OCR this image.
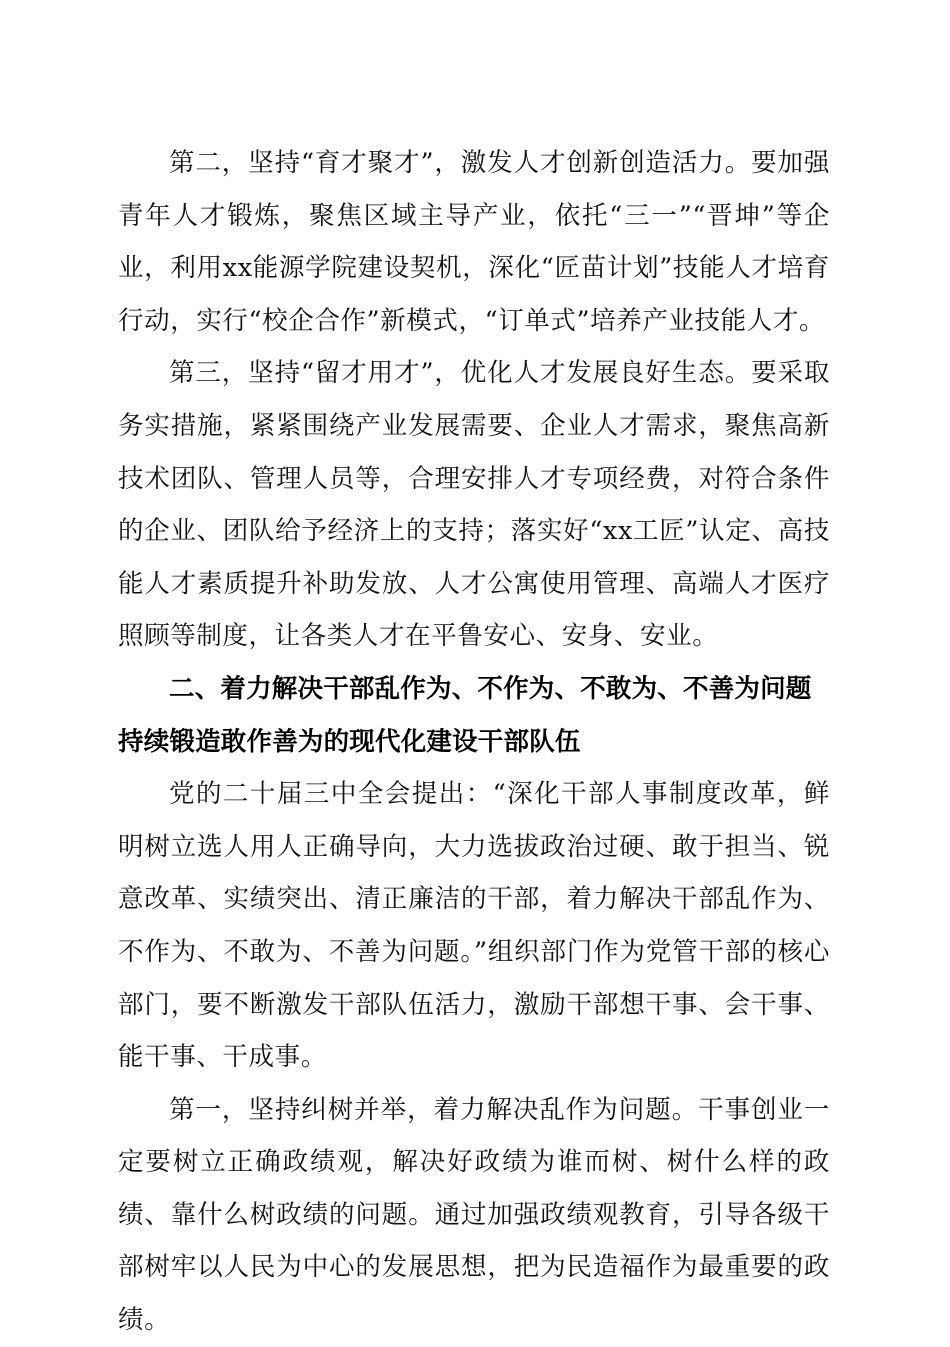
第二，坚持“育才聚才”，激发人才创新创造活力。要加强青年人才锻炼，聚焦区域主导产业，依托“三一”“晋坤”等企业，利用xx能源学院建设契机，深化“匠苗计划”技能人才培育行动，实行“校企合作”新模式，“订单式”培养产业技能人才。

第三，坚持“留才用才”，优化人才发展良好生态。要采取务实措施，紧紧围绕产业发展需要、企业人才需求，聚焦高新技术团队、管理人员等，合理安排人才专项经费，对符合条件的企业、团队给予经济上的支持；落实好“xx工匠”认定、高技能人才素质提升补助发放、人才公寓使用管理、高端人才医疗照顾等制度，让各类人才在平鲁安心、安身、安业。

二、着力解决干部乱作为、不作为、不敢为、不善为问题持续锻造敢作善为的现代化建设干部队伍

党的二十届三中全会提出：“深化干部人事制度改革，鲜明树立选人用人正确导向，大力选拔政治过硬、敢于担当、锐意改革、实绩突出、清正廉洁的干部，着力解决干部乱作为、不作为、不敢为、不善为问题。”组织部门作为党管干部的核心部门，要不断激发干部队伍活力，激励干部想干事、会干事、能干事、干成事。

第一，坚持纠树并举，着力解决乱作为问题。干事创业一定要树立正确政绩观，解决好政绩为谁而树、树什么样的政绩、靠什么树政绩的问题。通过加强政绩观教育，引导各级干部树牢以人民为中心的发展思想，把为民造福作为最重要的政绩。
